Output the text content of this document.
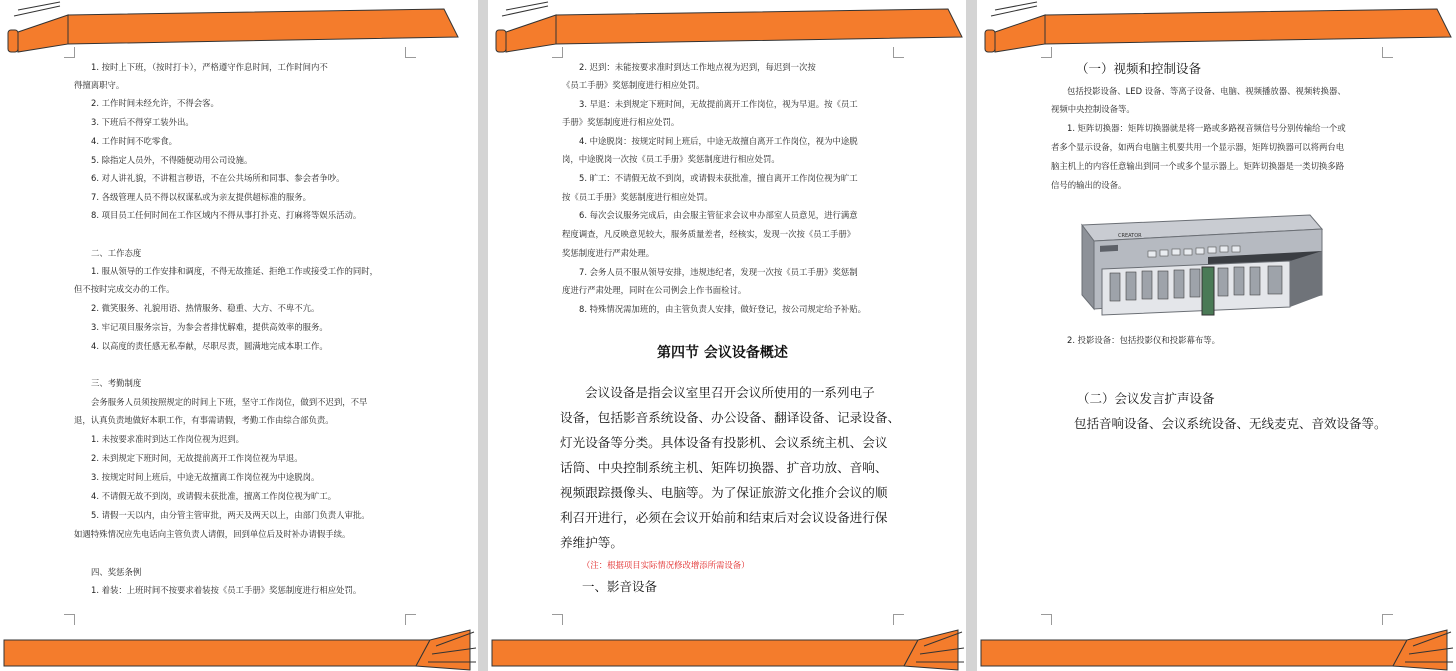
1. 按时上下班，（按时打卡），严格遵守作息时间，工作时间内不

得擅离职守。

2. 工作时间未经允许，不得会客。

3. 下班后不得穿工装外出。

4. 工作时间不吃零食。

5. 除指定人员外，不得随便动用公司设施。

6. 对人讲礼貌，不讲粗言秽语，不在公共场所和同事、参会者争吵。

7. 各级管理人员不得以权谋私或为亲友提供超标准的服务。

8. 项目员工任何时间在工作区域内不得从事打扑克、打麻将等娱乐活动。

二、工作态度

1. 服从领导的工作安排和调度，不得无故推延、拒绝工作或接受工作的同时，

但不按时完成交办的工作。

2. 微笑服务、礼貌用语、热情服务、稳重、大方、不卑不亢。

3. 牢记项目服务宗旨，为参会者排忧解难，提供高效率的服务。

4. 以高度的责任感无私奉献，尽职尽责，圆满地完成本职工作。

三、考勤制度

会务服务人员须按照规定的时间上下班，坚守工作岗位，做到不迟到，不早

退，认真负责地做好本职工作，有事需请假，考勤工作由综合部负责。

1. 未按要求准时到达工作岗位视为迟到。

2. 未到规定下班时间，无故提前离开工作岗位视为早退。

3. 按规定时间上班后，中途无故擅离工作岗位视为中途脱岗。

4. 不请假无故不到岗，或请假未获批准，擅离工作岗位视为旷工。

5. 请假一天以内，由分管主管审批，两天及两天以上，由部门负责人审批。

如遇特殊情况应先电话向主管负责人请假，回到单位后及时补办请假手续。

四、奖惩条例

1. 着装：上班时间不按要求着装按《员工手册》奖惩制度进行相应处罚。

2. 迟到：未能按要求准时到达工作地点视为迟到，每迟到一次按

《员工手册》奖惩制度进行相应处罚。

3. 早退：未到规定下班时间，无故提前离开工作岗位，视为早退。按《员工

手册》奖惩制度进行相应处罚。

4. 中途脱岗：按规定时间上班后，中途无故擅自离开工作岗位，视为中途脱

岗，中途脱岗一次按《员工手册》奖惩制度进行相应处罚。

5. 旷工：不请假无故不到岗，或请假未获批准，擅自离开工作岗位视为旷工

按《员工手册》奖惩制度进行相应处罚。

6. 每次会议服务完成后，由会服主管征求会议申办部室人员意见，进行满意

程度调查，凡反映意见较大，服务质量差者，经核实，发现一次按《员工手册》

奖惩制度进行严肃处理。

7. 会务人员不服从领导安排，违规违纪者，发现一次按《员工手册》奖惩制

度进行严肃处理，同时在公司例会上作书面检讨。

8. 特殊情况需加班的，由主管负责人安排，做好登记，按公司规定给予补贴。

第四节 会议设备概述

会议设备是指会议室里召开会议所使用的一系列电子

设备，包括影音系统设备、办公设备、翻译设备、记录设备、

灯光设备等分类。具体设备有投影机、会议系统主机、会议

话筒、中央控制系统主机、矩阵切换器、扩音功放、音响、

视频跟踪摄像头、电脑等。为了保证旅游文化推介会议的顺

利召开进行，必须在会议开始前和结束后对会议设备进行保

养维护等。

（注：根据项目实际情况修改增添所需设备）

一、影音设备

（一）视频和控制设备

包括投影设备、LED 设备、等离子设备、电脑、视频播放器、视频转换器、

视频中央控制设备等。

1. 矩阵切换器：矩阵切换器就是将一路或多路视音频信号分别传输给一个或

者多个显示设备，如两台电脑主机要共用一个显示器，矩阵切换器可以将两台电

脑主机上的内容任意输出到同一个或多个显示器上。矩阵切换器是一类切换多路

信号的输出的设备。

CREATOR

2. 投影设备：包括投影仪和投影幕布等。

（二）会议发言扩声设备

包括音响设备、会议系统设备、无线麦克、音效设备等。
